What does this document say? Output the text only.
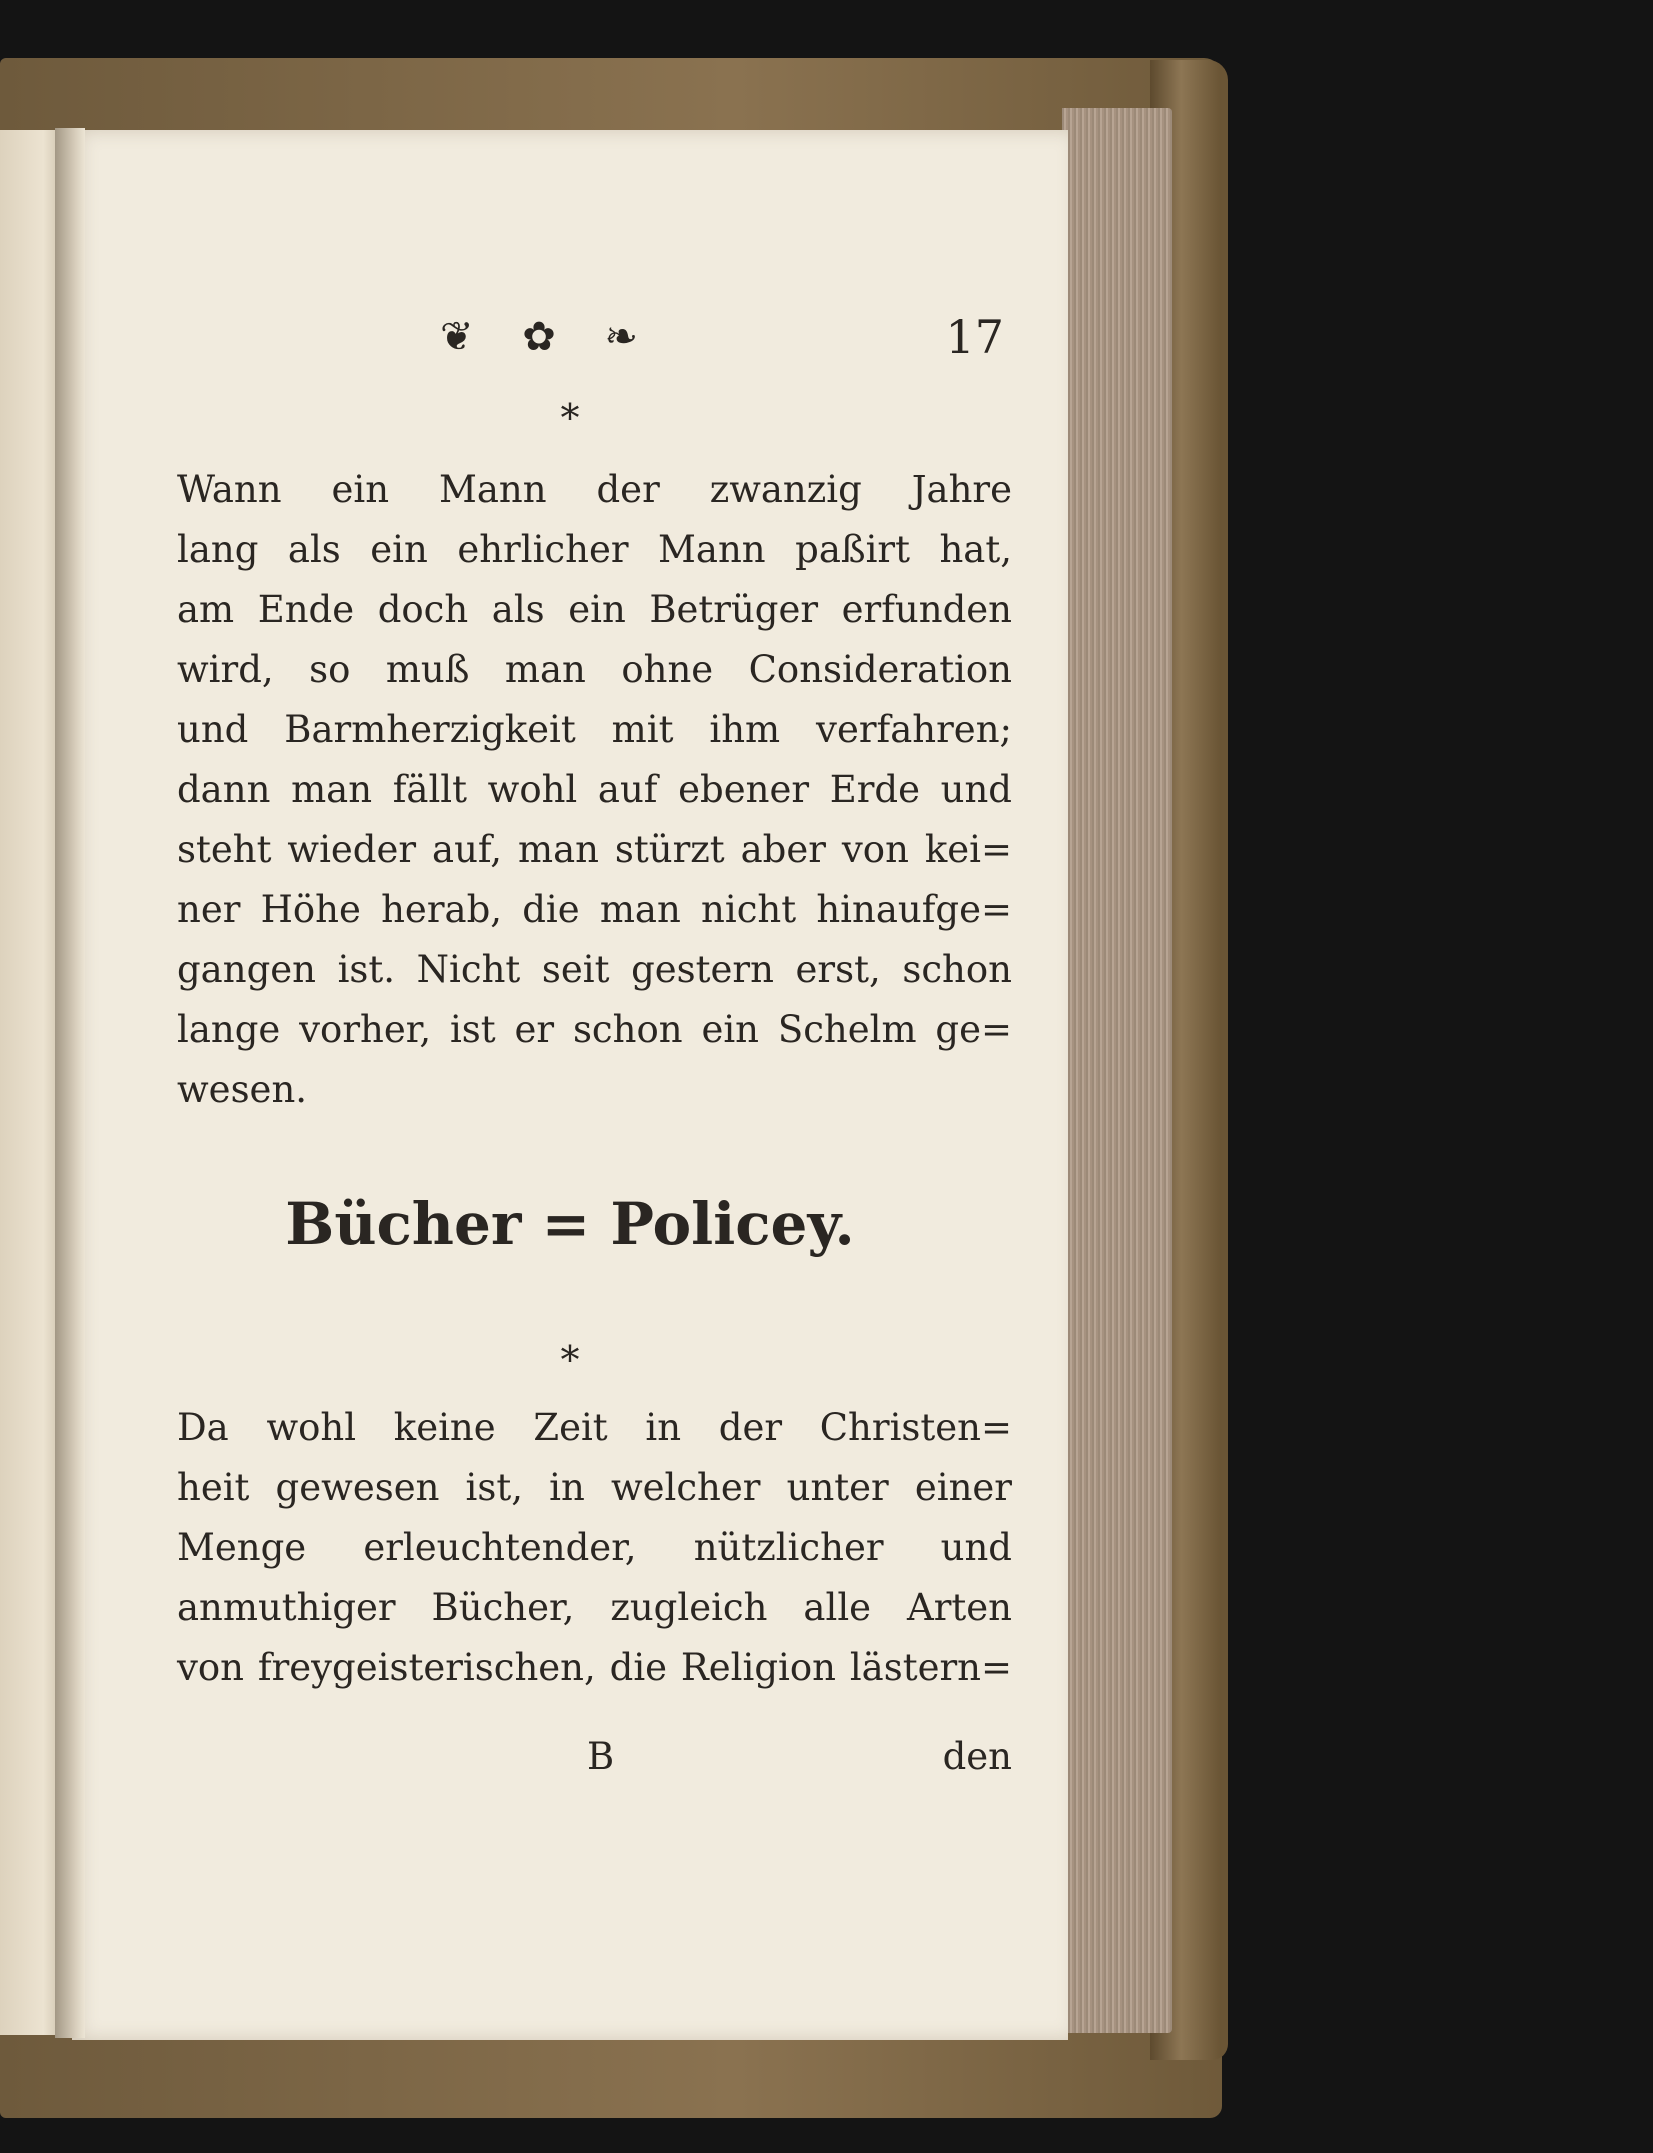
❦ ✿ ❧	17
*
Wann ein Mann der zwanzig Jahre
lang als ein ehrlicher Mann paßirt hat,
am Ende doch als ein Betrüger erfunden
wird, so muß man ohne Consideration
und Barmherzigkeit mit ihm verfahren;
dann man fällt wohl auf ebener Erde und
steht wieder auf, man stürzt aber von kei=
ner Höhe herab, die man nicht hinaufge=
gangen ist. Nicht seit gestern erst, schon
lange vorher, ist er schon ein Schelm ge=
wesen.
Bücher = Policey.
*
Da wohl keine Zeit in der Christen=
heit gewesen ist, in welcher unter einer
Menge erleuchtender, nützlicher und
anmuthiger Bücher, zugleich alle Arten
von freygeisterischen, die Religion lästern=
B	den
